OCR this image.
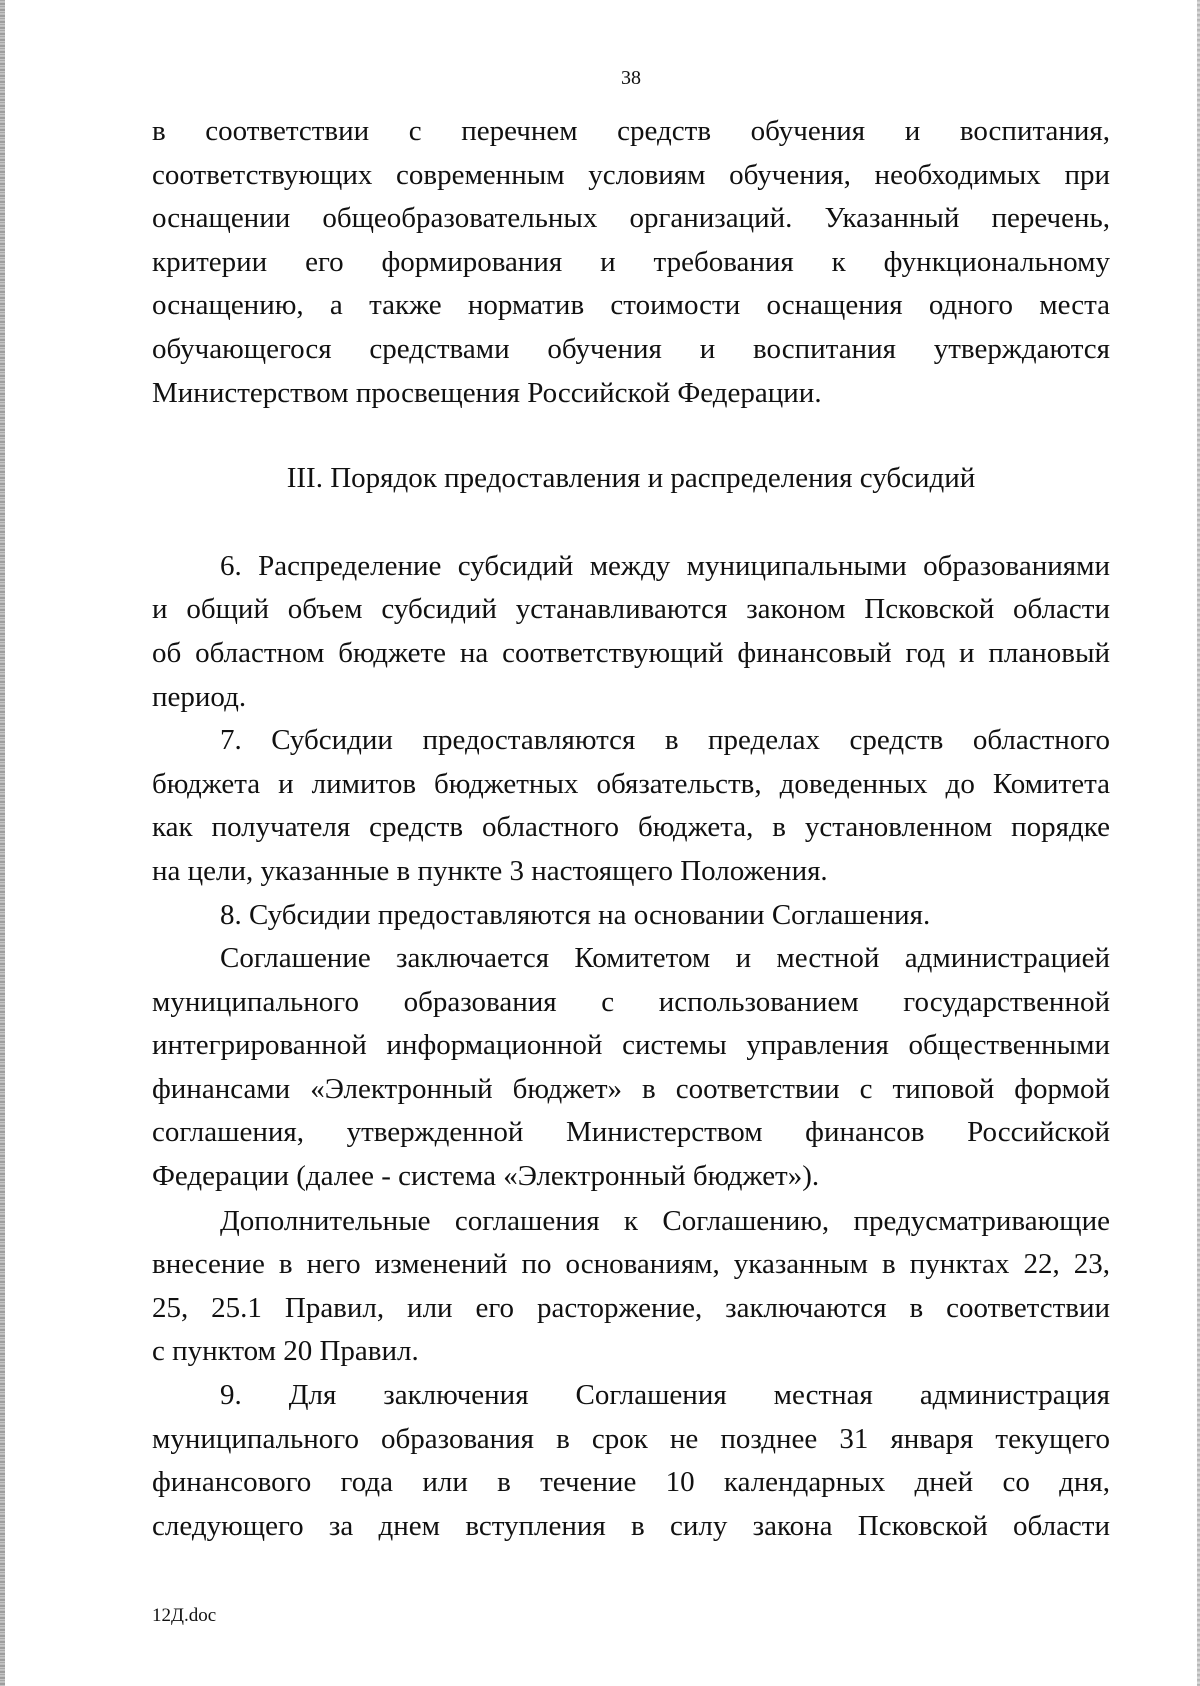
38

в соответствии с перечнем средств обучения и воспитания,
соответствующих современным условиям обучения, необходимых при
оснащении общеобразовательных организаций. Указанный перечень,
критерии его формирования и требования к функциональному
оснащению, а также норматив стоимости оснащения одного места
обучающегося средствами обучения и воспитания утверждаются
Министерством просвещения Российской Федерации.

III. Порядок предоставления и распределения субсидий

6. Распределение субсидий между муниципальными образованиями
и общий объем субсидий устанавливаются законом Псковской области
об областном бюджете на соответствующий финансовый год и плановый
период.

7. Субсидии предоставляются в пределах средств областного
бюджета и лимитов бюджетных обязательств, доведенных до Комитета
как получателя средств областного бюджета, в установленном порядке
на цели, указанные в пункте 3 настоящего Положения.

8. Субсидии предоставляются на основании Соглашения.

Соглашение заключается Комитетом и местной администрацией
муниципального образования с использованием государственной
интегрированной информационной системы управления общественными
финансами «Электронный бюджет» в соответствии с типовой формой
соглашения, утвержденной Министерством финансов Российской
Федерации (далее - система «Электронный бюджет»).

Дополнительные соглашения к Соглашению, предусматривающие
внесение в него изменений по основаниям, указанным в пунктах 22, 23,
25, 25.1 Правил, или его расторжение, заключаются в соответствии
с пунктом 20 Правил.

9. Для заключения Соглашения местная администрация
муниципального образования в срок не позднее 31 января текущего
финансового года или в течение 10 календарных дней со дня,
следующего за днем вступления в силу закона Псковской области

12Д.doc
